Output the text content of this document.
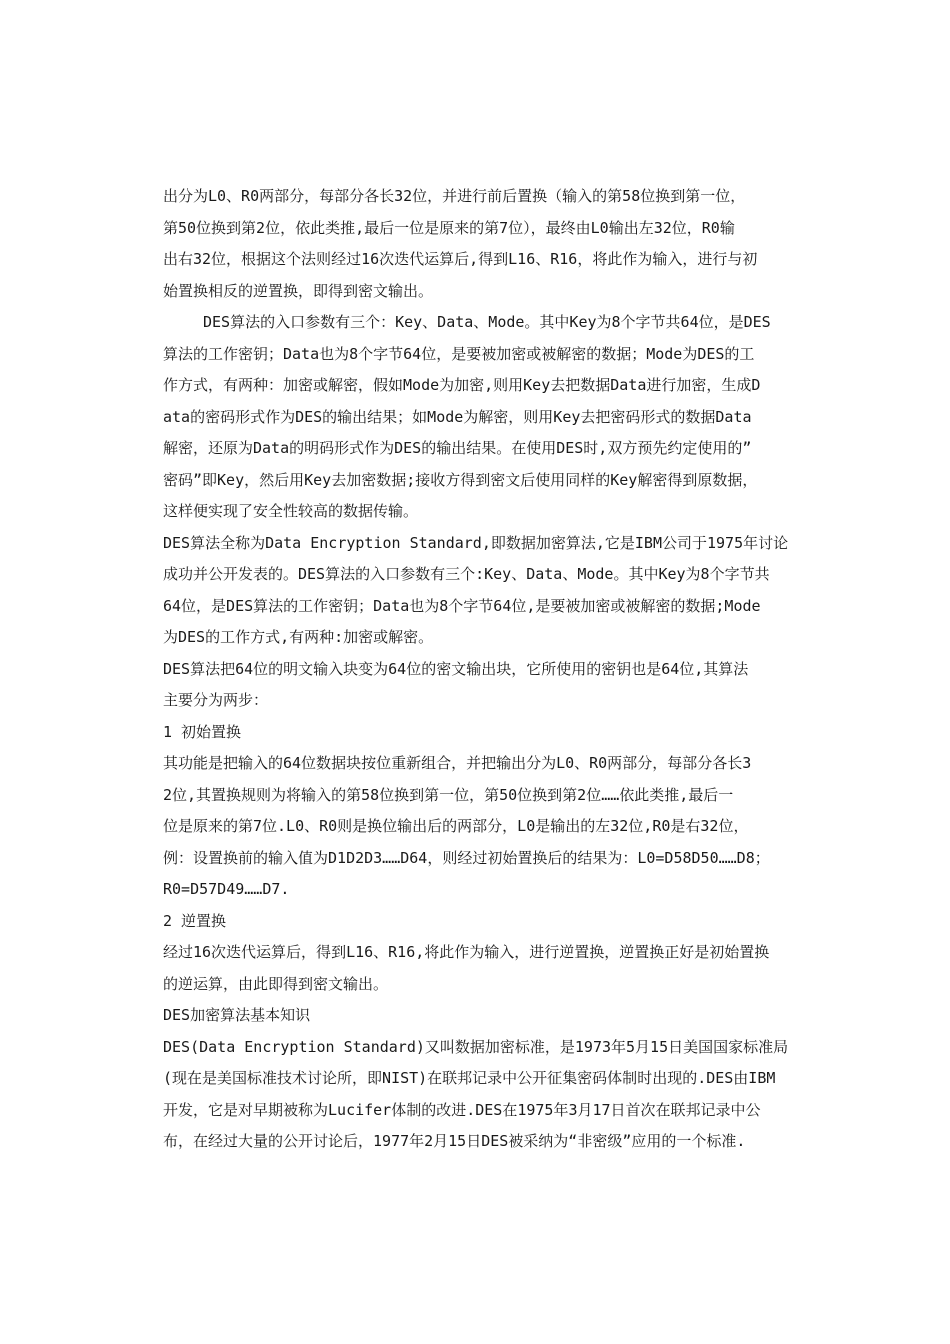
出分为L0、R0两部分，每部分各长32位，并进行前后置换（输入的第58位换到第一位，
第50位换到第2位，依此类推,最后一位是原来的第7位），最终由L0输出左32位，R0输
出右32位，根据这个法则经过16次迭代运算后,得到L16、R16，将此作为输入，进行与初
始置换相反的逆置换，即得到密文输出。
DES算法的入口参数有三个：Key、Data、Mode。其中Key为8个字节共64位，是DES
算法的工作密钥；Data也为8个字节64位，是要被加密或被解密的数据；Mode为DES的工
作方式，有两种：加密或解密，假如Mode为加密,则用Key去把数据Data进行加密，生成D
ata的密码形式作为DES的输出结果；如Mode为解密，则用Key去把密码形式的数据Data
解密，还原为Data的明码形式作为DES的输出结果。在使用DES时,双方预先约定使用的”
密码”即Key，然后用Key去加密数据;接收方得到密文后使用同样的Key解密得到原数据，
这样便实现了安全性较高的数据传输。
DES算法全称为Data Encryption Standard,即数据加密算法,它是IBM公司于1975年讨论
成功并公开发表的。DES算法的入口参数有三个:Key、Data、Mode。其中Key为8个字节共
64位，是DES算法的工作密钥；Data也为8个字节64位,是要被加密或被解密的数据;Mode
为DES的工作方式,有两种:加密或解密。
DES算法把64位的明文输入块变为64位的密文输出块，它所使用的密钥也是64位,其算法
主要分为两步：
1 初始置换
其功能是把输入的64位数据块按位重新组合，并把输出分为L0、R0两部分，每部分各长3
2位,其置换规则为将输入的第58位换到第一位，第50位换到第2位……依此类推,最后一
位是原来的第7位.L0、R0则是换位输出后的两部分，L0是输出的左32位,R0是右32位，
例：设置换前的输入值为D1D2D3……D64，则经过初始置换后的结果为：L0=D58D50……D8；
R0=D57D49……D7.
2 逆置换
经过16次迭代运算后，得到L16、R16,将此作为输入，进行逆置换，逆置换正好是初始置换
的逆运算，由此即得到密文输出。
DES加密算法基本知识
DES(Data Encryption Standard)又叫数据加密标准，是1973年5月15日美国国家标准局
(现在是美国标准技术讨论所，即NIST)在联邦记录中公开征集密码体制时出现的.DES由IBM
开发，它是对早期被称为Lucifer体制的改进.DES在1975年3月17日首次在联邦记录中公
布，在经过大量的公开讨论后，1977年2月15日DES被采纳为“非密级”应用的一个标准.
